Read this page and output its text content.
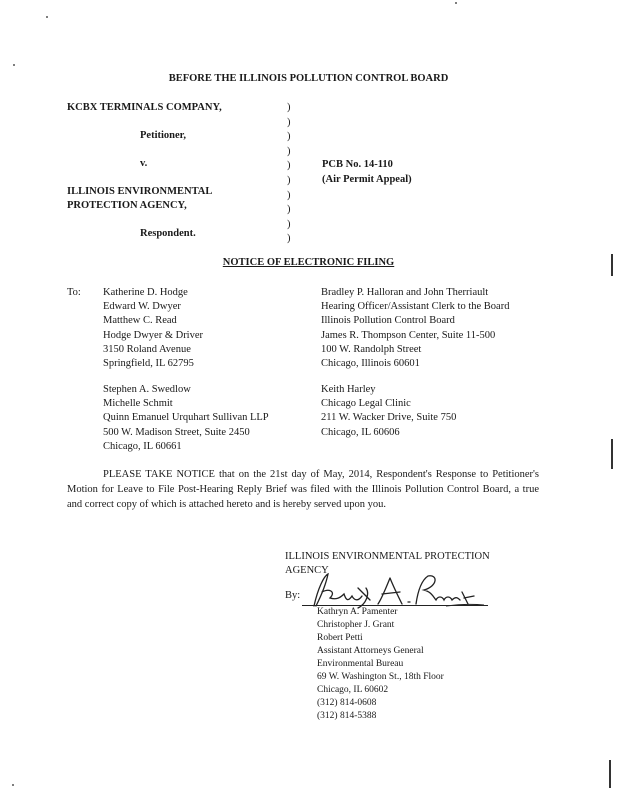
BEFORE THE ILLINOIS POLLUTION CONTROL BOARD
KCBX TERMINALS COMPANY,
Petitioner,
v.
ILLINOIS ENVIRONMENTAL
PROTECTION AGENCY,
Respondent.
)
)
)
)
)
)
)
)
)
)
PCB No. 14-110
(Air Permit Appeal)
NOTICE OF ELECTRONIC FILING
To: Katherine D. Hodge
Edward W. Dwyer
Matthew C. Read
Hodge Dwyer & Driver
3150 Roland Avenue
Springfield, IL 62795
Bradley P. Halloran and John Therriault
Hearing Officer/Assistant Clerk to the Board
Illinois Pollution Control Board
James R. Thompson Center, Suite 11-500
100 W. Randolph Street
Chicago, Illinois 60601
Stephen A. Swedlow
Michelle Schmit
Quinn Emanuel Urquhart Sullivan LLP
500 W. Madison Street, Suite 2450
Chicago, IL 60661
Keith Harley
Chicago Legal Clinic
211 W. Wacker Drive, Suite 750
Chicago, IL 60606
PLEASE TAKE NOTICE that on the 21st day of May, 2014, Respondent's Response to Petitioner's Motion for Leave to File Post-Hearing Reply Brief was filed with the Illinois Pollution Control Board, a true and correct copy of which is attached hereto and is hereby served upon you.
ILLINOIS ENVIRONMENTAL PROTECTION
AGENCY
By:
Kathryn A. Pamenter
Christopher J. Grant
Robert Petti
Assistant Attorneys General
Environmental Bureau
69 W. Washington St., 18th Floor
Chicago, IL 60602
(312) 814-0608
(312) 814-5388
